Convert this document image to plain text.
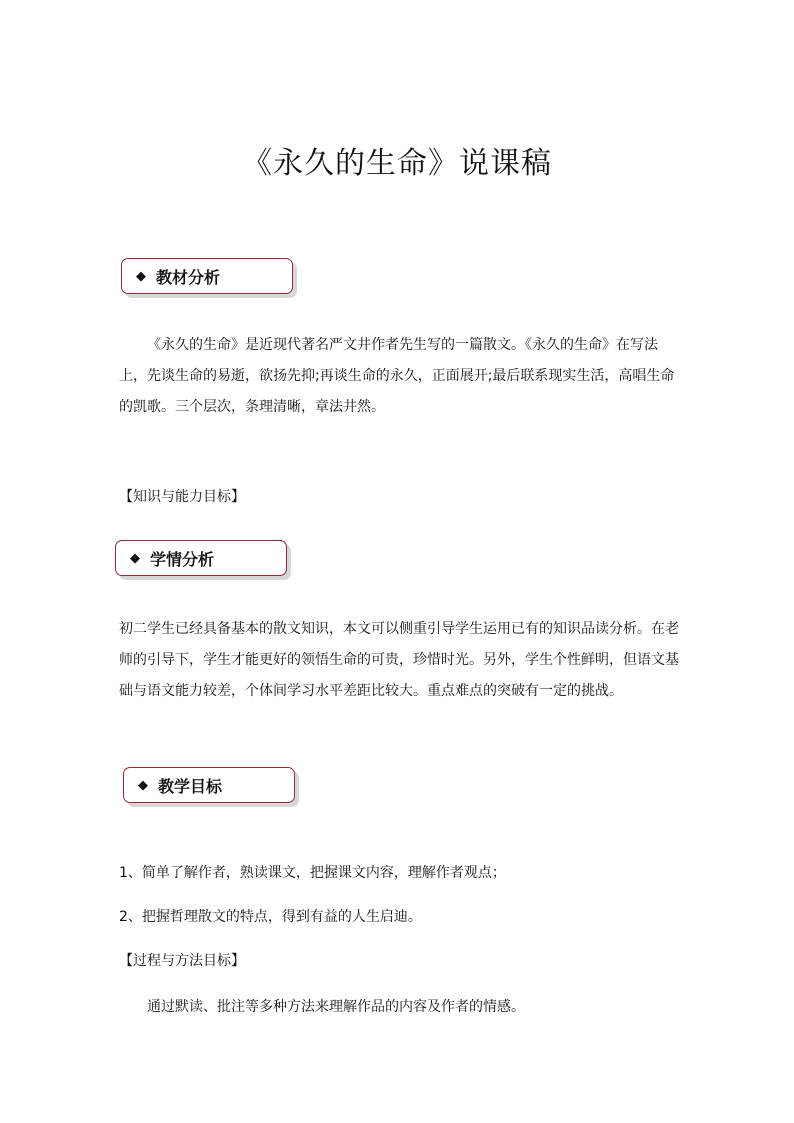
《永久的生命》说课稿
◆ 教材分析
《永久的生命》是近现代著名严文井作者先生写的一篇散文。《永久的生命》在写法上，先谈生命的易逝，欲扬先抑;再谈生命的永久，正面展开;最后联系现实生活，高唱生命的凯歌。三个层次，条理清晰，章法井然。
【知识与能力目标】
◆ 学情分析
初二学生已经具备基本的散文知识，本文可以侧重引导学生运用已有的知识品读分析。在老师的引导下，学生才能更好的领悟生命的可贵，珍惜时光。另外，学生个性鲜明，但语文基础与语文能力较差，个体间学习水平差距比较大。重点难点的突破有一定的挑战。
◆ 教学目标
1、简单了解作者，熟读课文，把握课文内容，理解作者观点；
2、把握哲理散文的特点，得到有益的人生启迪。
【过程与方法目标】
通过默读、批注等多种方法来理解作品的内容及作者的情感。
